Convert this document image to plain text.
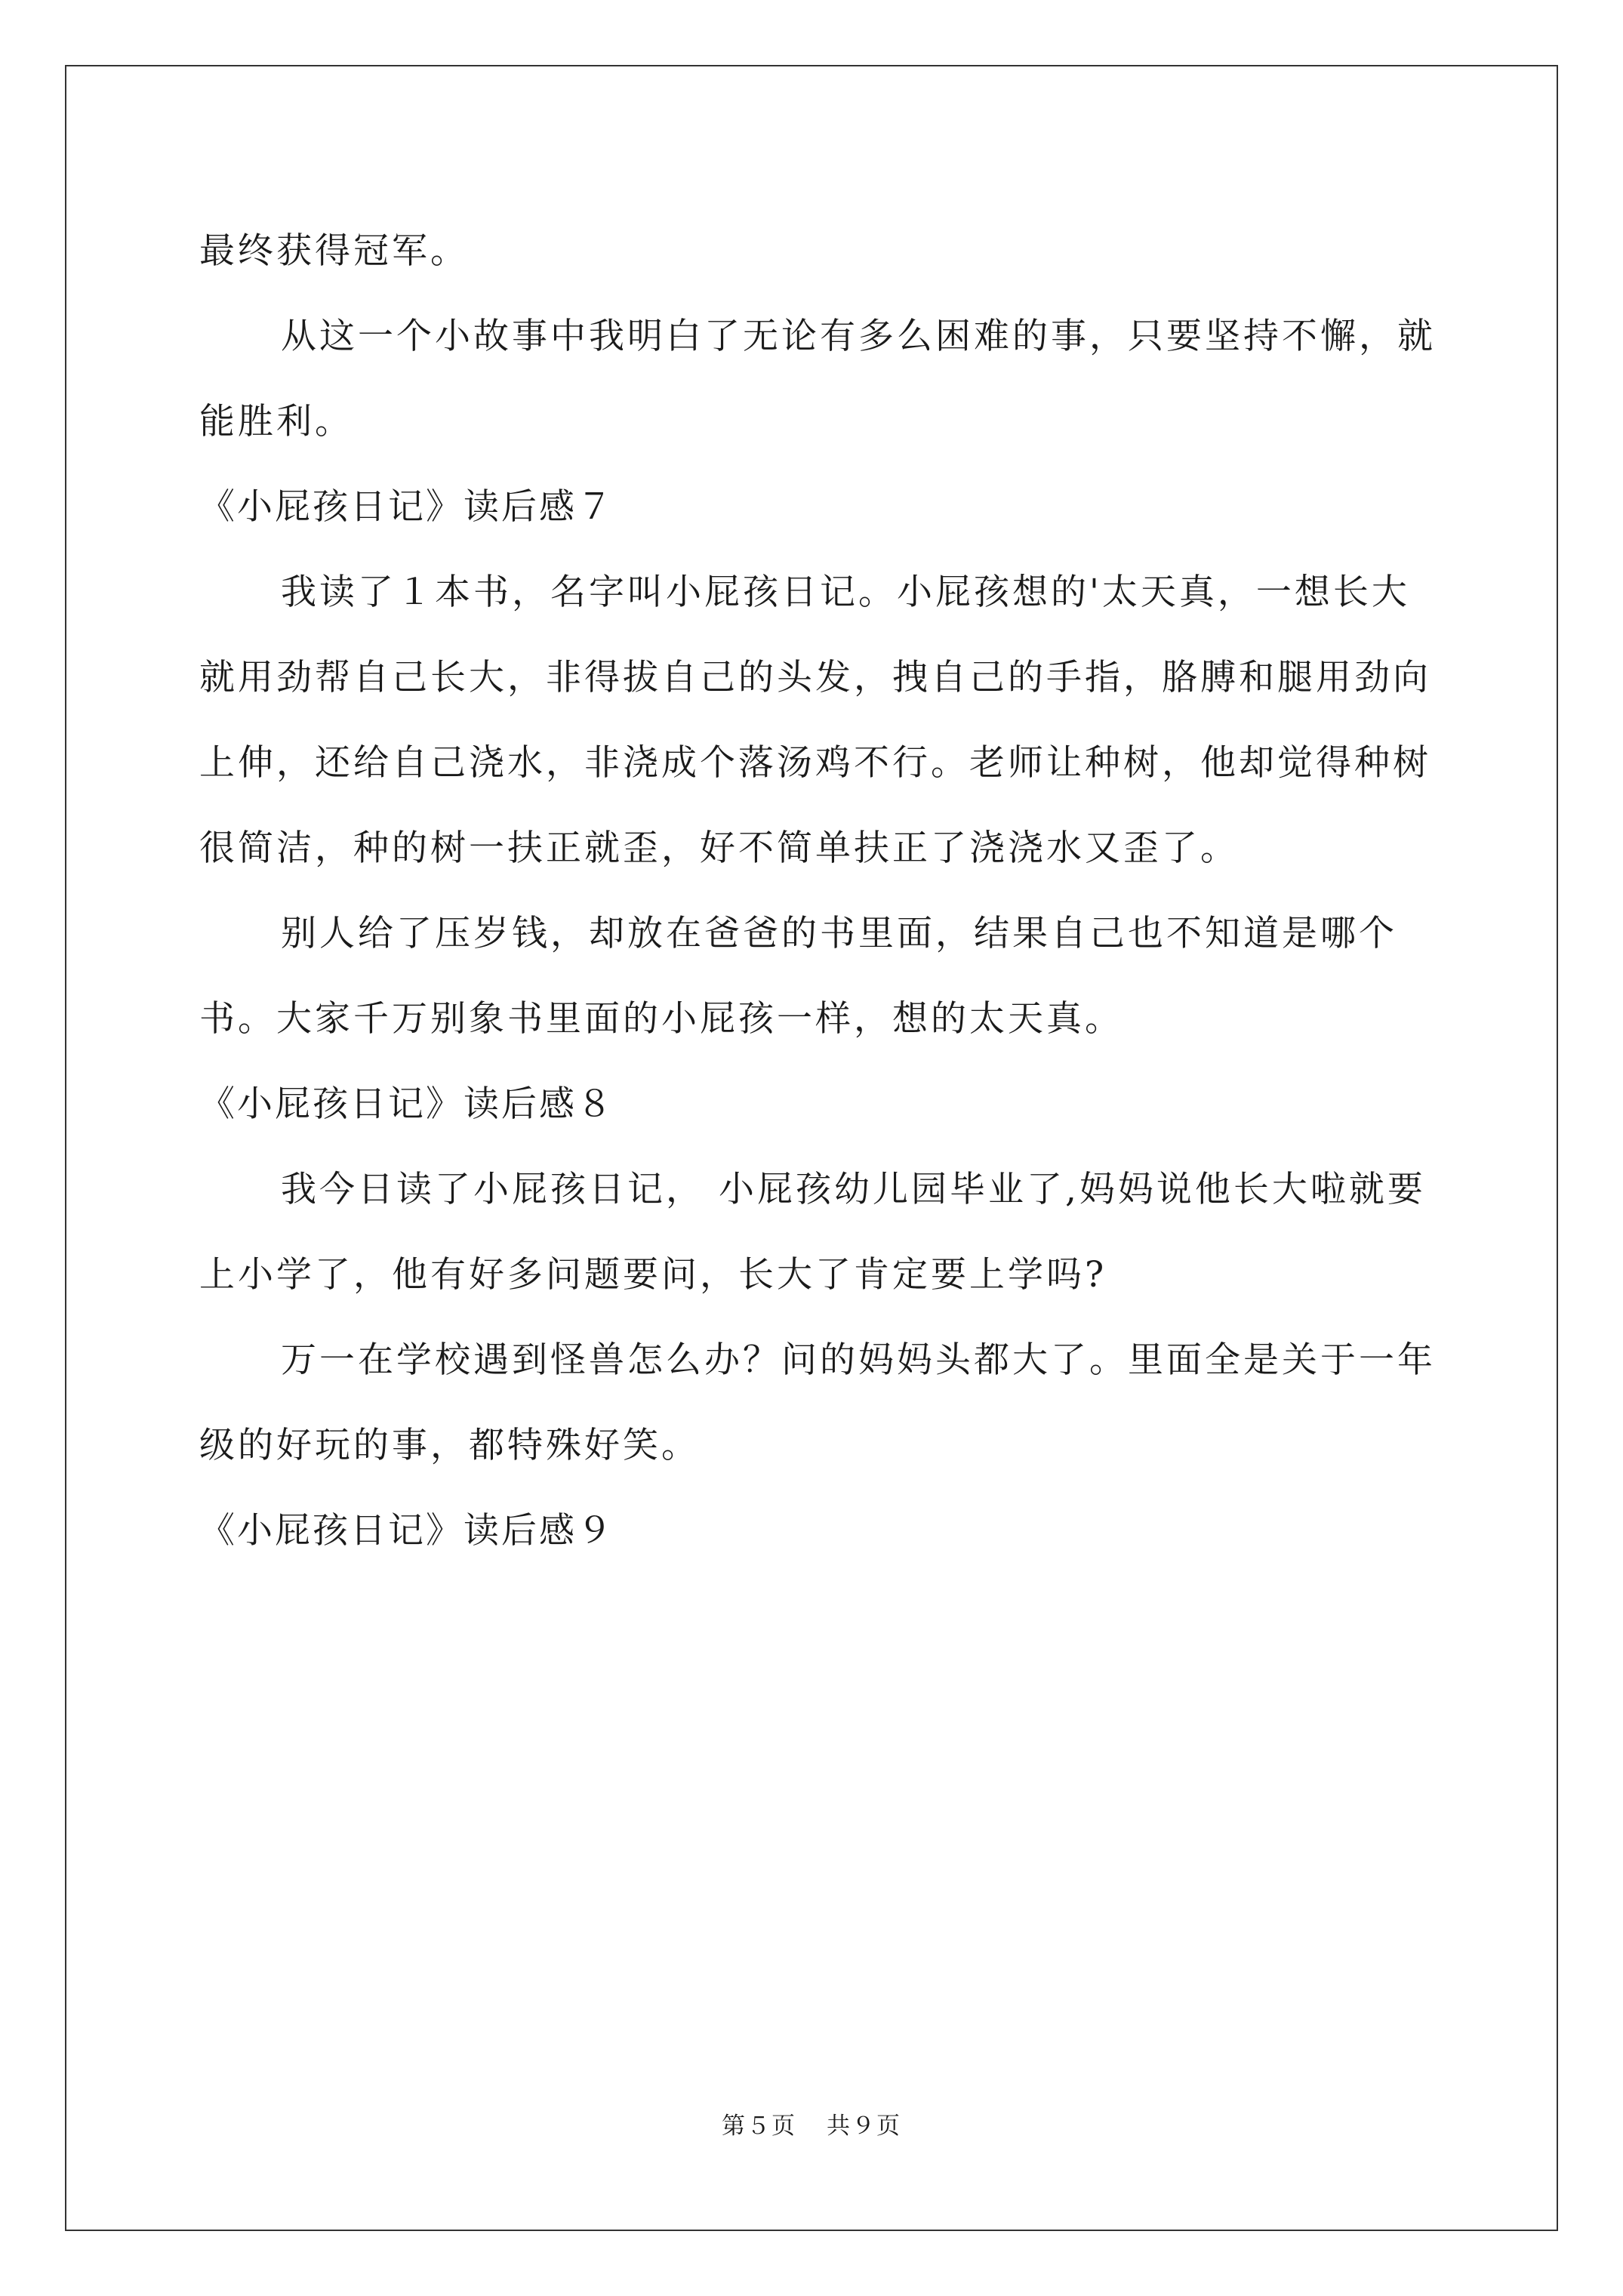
最终获得冠军。

从这一个小故事中我明白了无论有多么困难的事，只要坚持不懈，就能胜利。

《小屁孩日记》读后感７

我读了１本书，名字叫小屁孩日记。小屁孩想的'太天真，一想长大就用劲帮自己长大，非得拔自己的头发，拽自己的手指，胳膊和腿用劲向上伸，还给自己浇水，非浇成个落汤鸡不行。老师让种树，他却觉得种树很简洁，种的树一扶正就歪，好不简单扶正了浇浇水又歪了。

别人给了压岁钱，却放在爸爸的书里面，结果自己也不知道是哪个书。大家千万别象书里面的小屁孩一样，想的太天真。

《小屁孩日记》读后感８

我今日读了小屁孩日记， 小屁孩幼儿园毕业了,妈妈说他长大啦就要上小学了，他有好多问题要问，长大了肯定要上学吗?

万一在学校遇到怪兽怎么办？问的妈妈头都大了。里面全是关于一年级的好玩的事，都特殊好笑。

《小屁孩日记》读后感９

第５页 共９页
